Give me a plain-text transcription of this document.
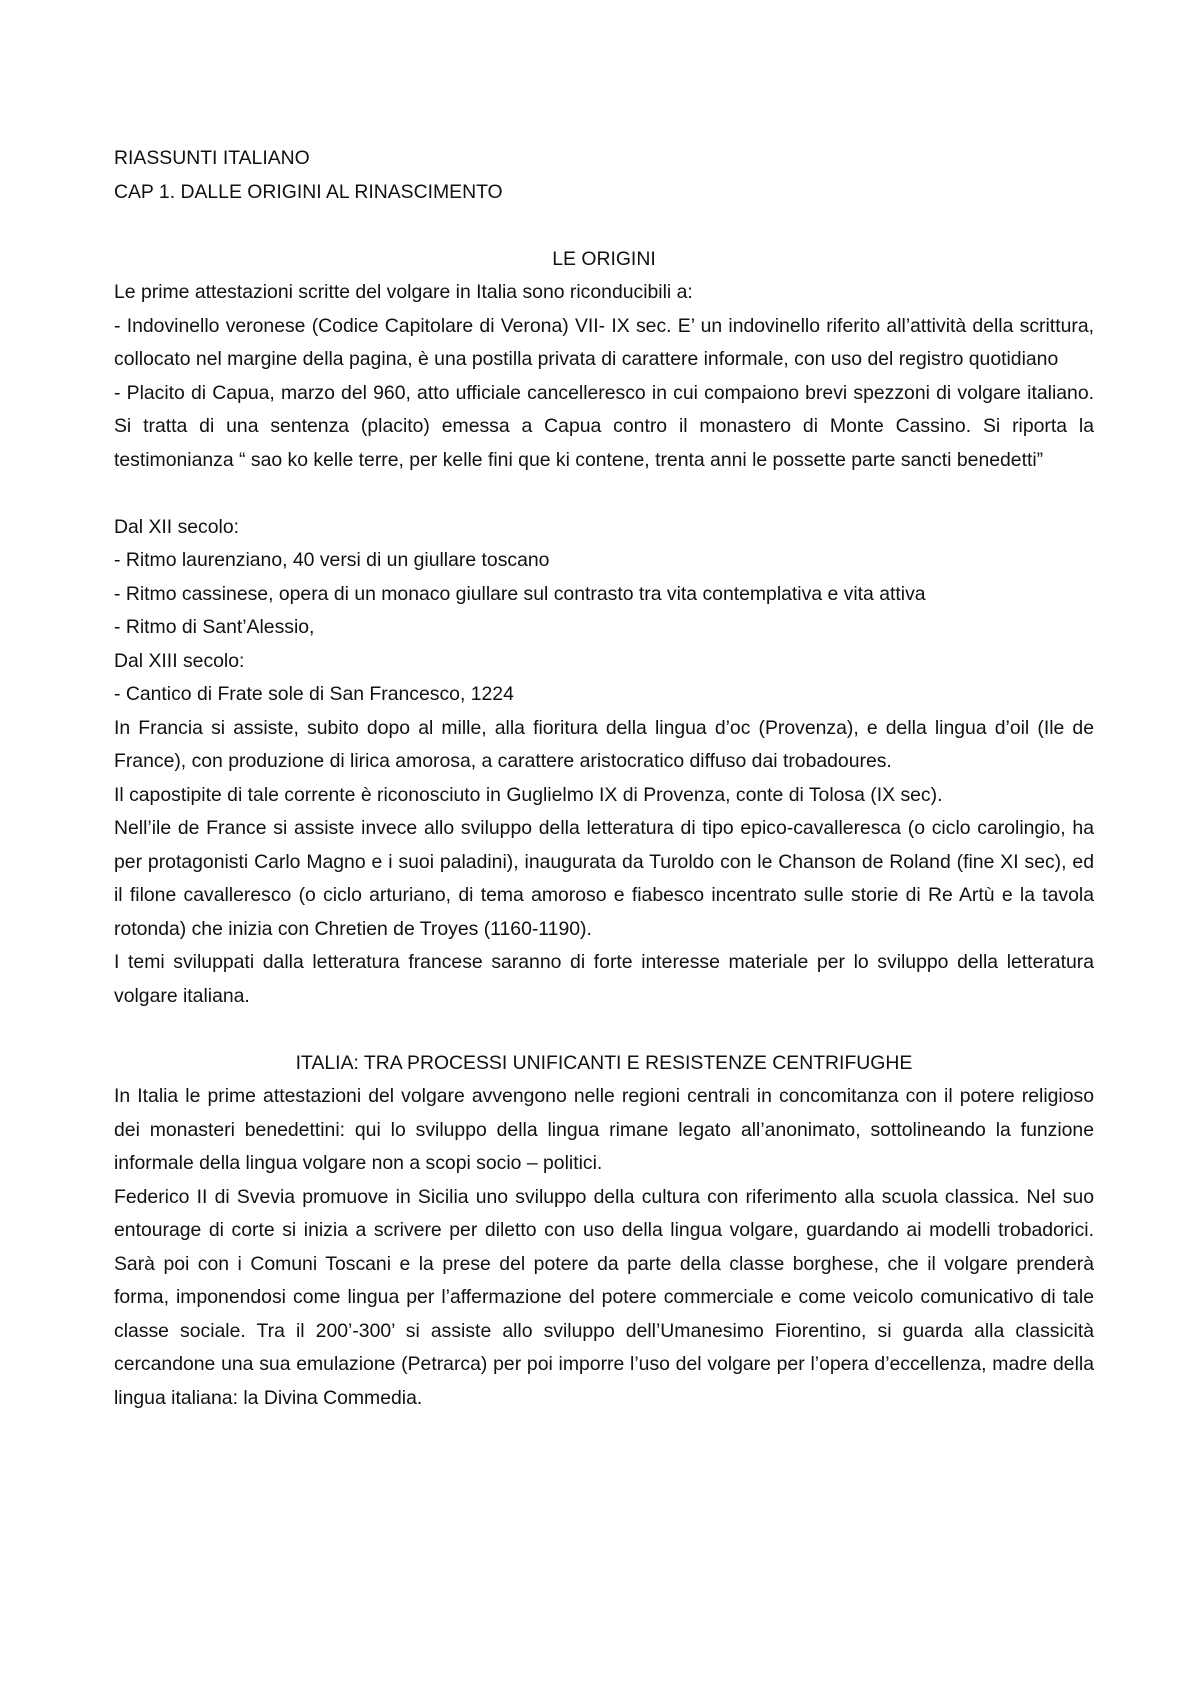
RIASSUNTI ITALIANO
CAP 1. DALLE ORIGINI AL RINASCIMENTO
LE ORIGINI
Le prime attestazioni scritte del volgare in Italia sono riconducibili a:
- Indovinello veronese (Codice Capitolare di Verona) VII- IX sec. E’ un indovinello riferito all’attività della scrittura, collocato nel margine della pagina, è una postilla privata di carattere informale, con uso del registro quotidiano
- Placito di Capua, marzo del 960, atto ufficiale cancelleresco in cui compaiono brevi spezzoni di volgare italiano. Si tratta di una sentenza (placito) emessa a Capua contro il monastero di Monte Cassino. Si riporta la testimonianza “ sao ko kelle terre, per kelle fini que ki contene, trenta anni le possette parte sancti benedetti”
Dal XII secolo:
- Ritmo laurenziano, 40 versi di un giullare toscano
- Ritmo cassinese, opera di un monaco giullare sul contrasto tra vita contemplativa e vita attiva
- Ritmo di Sant’Alessio,
Dal XIII secolo:
- Cantico di Frate sole di San Francesco, 1224
In Francia si assiste, subito dopo al mille, alla fioritura della lingua d’oc (Provenza), e della lingua d’oil (Ile de France), con produzione di lirica amorosa, a carattere aristocratico diffuso dai trobadoures.
Il capostipite di tale corrente è riconosciuto in Guglielmo IX di Provenza, conte di Tolosa (IX sec).
Nell’ile de France si assiste invece allo sviluppo della letteratura di tipo epico-cavalleresca (o ciclo carolingio, ha per protagonisti Carlo Magno e i suoi paladini), inaugurata da Turoldo con le Chanson de Roland (fine XI sec), ed il filone cavalleresco (o ciclo arturiano, di tema amoroso e fiabesco incentrato sulle storie di Re Artù e la tavola rotonda) che inizia con Chretien de Troyes (1160-1190).
I temi sviluppati dalla letteratura francese saranno di forte interesse materiale per lo sviluppo della letteratura volgare italiana.
ITALIA: TRA PROCESSI UNIFICANTI E RESISTENZE CENTRIFUGHE
In Italia le prime attestazioni del volgare avvengono nelle regioni centrali in concomitanza con il potere religioso dei monasteri benedettini: qui lo sviluppo della lingua rimane legato all’anonimato, sottolineando la funzione informale della lingua volgare non a scopi socio – politici.
Federico II di Svevia promuove in Sicilia uno sviluppo della cultura con riferimento alla scuola classica. Nel suo entourage di corte si inizia a scrivere per diletto con uso della lingua volgare, guardando ai modelli trobadorici. Sarà poi con i Comuni Toscani e la prese del potere da parte della classe borghese, che il volgare prenderà forma, imponendosi come lingua per l’affermazione del potere commerciale e come veicolo comunicativo di tale classe sociale. Tra il 200’-300’ si assiste allo sviluppo dell’Umanesimo Fiorentino, si guarda alla classicità cercandone una sua emulazione (Petrarca) per poi imporre l’uso del volgare per l’opera d’eccellenza, madre della lingua italiana: la Divina Commedia.
